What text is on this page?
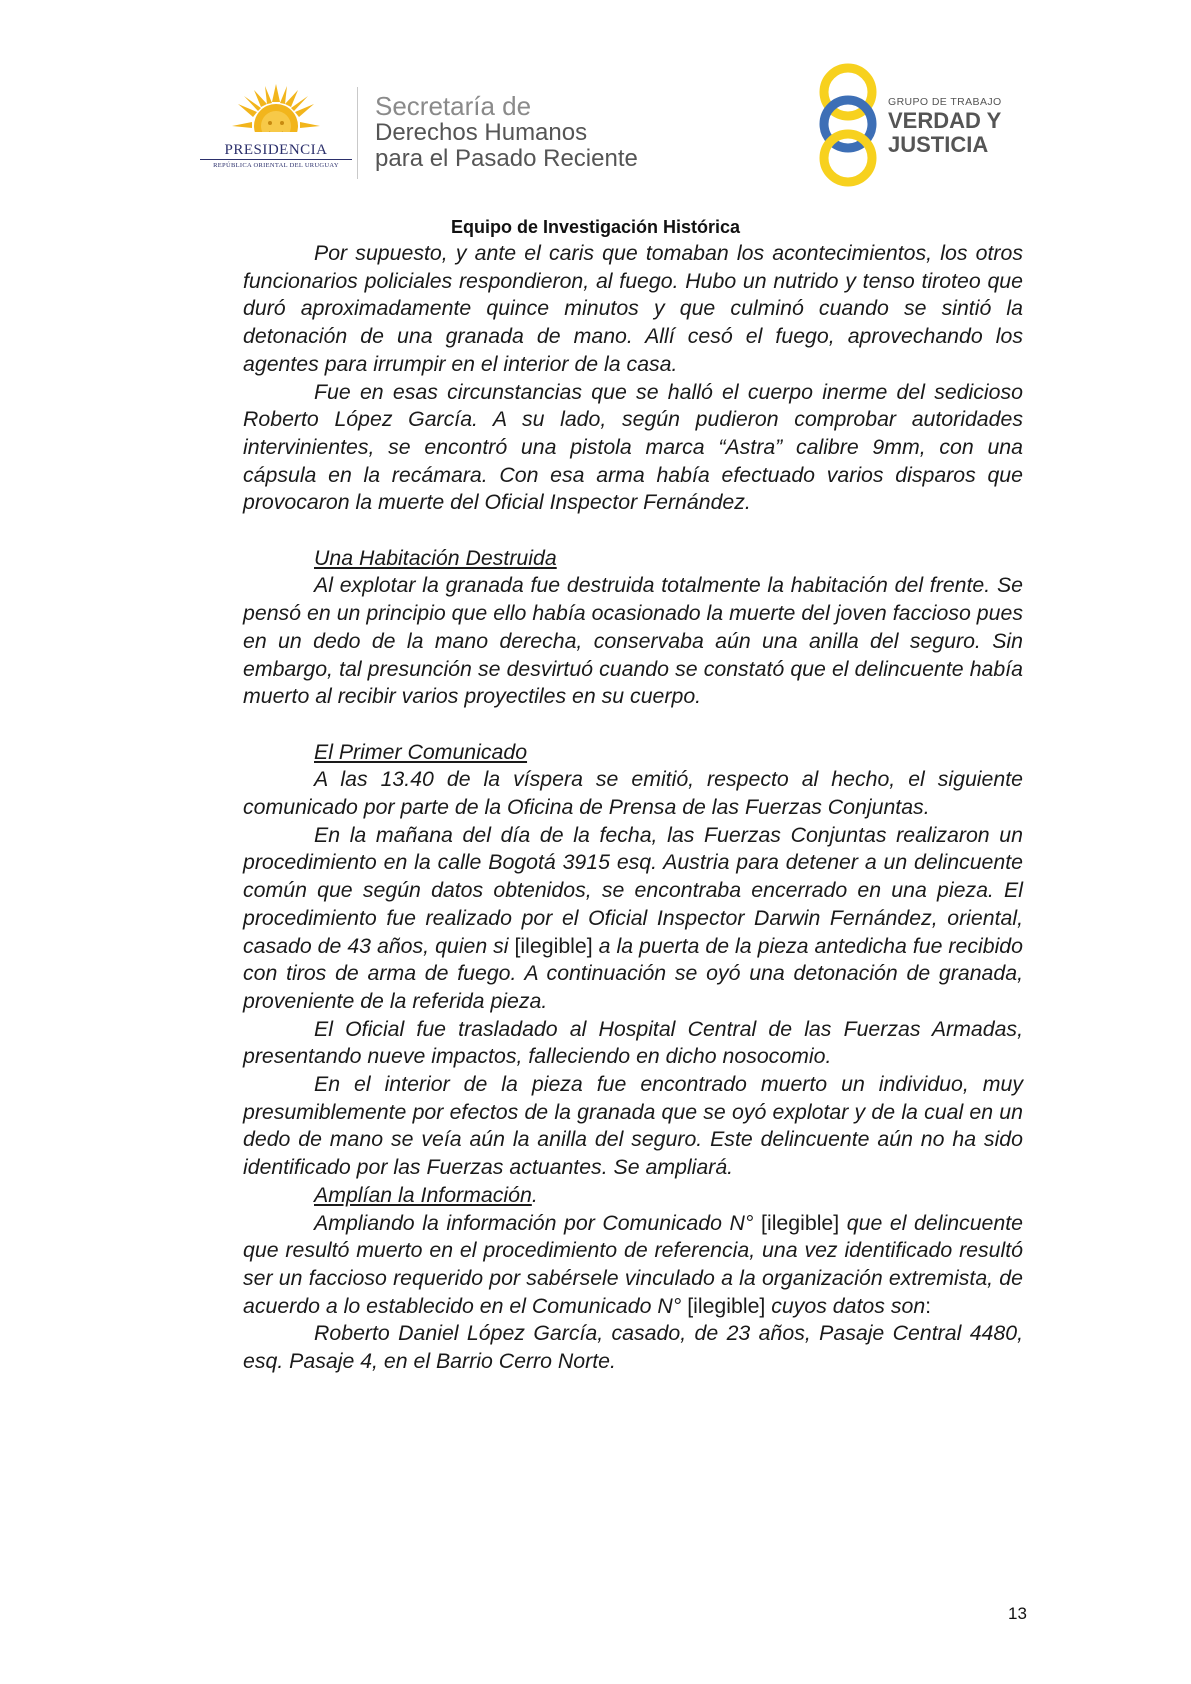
PRESIDENCIA
REPÚBLICA ORIENTAL DEL URUGUAY
Secretaría de
Derechos Humanos
para el Pasado Reciente
GRUPO DE TRABAJO
VERDAD Y
JUSTICIA
Equipo de Investigación Histórica

Por supuesto, y ante el caris que tomaban los acontecimientos, los otros funcionarios policiales respondieron, al fuego. Hubo un nutrido y tenso tiroteo que duró aproximadamente quince minutos y que culminó cuando se sintió la detonación de una granada de mano. Allí cesó el fuego, aprovechando los agentes para irrumpir en el interior de la casa.

Fue en esas circunstancias que se halló el cuerpo inerme del sedicioso Roberto López García. A su lado, según pudieron comprobar autoridades intervinientes, se encontró una pistola marca “Astra” calibre 9mm, con una cápsula en la recámara. Con esa arma había efectuado varios disparos que provocaron la muerte del Oficial Inspector Fernández.

Una Habitación Destruida

Al explotar la granada fue destruida totalmente la habitación del frente. Se pensó en un principio que ello había ocasionado la muerte del joven faccioso pues en un dedo de la mano derecha, conservaba aún una anilla del seguro. Sin embargo, tal presunción se desvirtuó cuando se constató que el delincuente había muerto al recibir varios proyectiles en su cuerpo.

El Primer Comunicado

A las 13.40 de la víspera se emitió, respecto al hecho, el siguiente comunicado por parte de la Oficina de Prensa de las Fuerzas Conjuntas.

En la mañana del día de la fecha, las Fuerzas Conjuntas realizaron un procedimiento en la calle Bogotá 3915 esq. Austria para detener a un delincuente común que según datos obtenidos, se encontraba encerrado en una pieza. El procedimiento fue realizado por el Oficial Inspector Darwin Fernández, oriental, casado de 43 años, quien si [ilegible] a la puerta de la pieza antedicha fue recibido con tiros de arma de fuego. A continuación se oyó una detonación de granada, proveniente de la referida pieza.

El Oficial fue trasladado al Hospital Central de las Fuerzas Armadas, presentando nueve impactos, falleciendo en dicho nosocomio.

En el interior de la pieza fue encontrado muerto un individuo, muy presumiblemente por efectos de la granada que se oyó explotar y de la cual en un dedo de mano se veía aún la anilla del seguro. Este delincuente aún no ha sido identificado por las Fuerzas actuantes. Se ampliará.

Amplían la Información.

Ampliando la información por Comunicado N° [ilegible] que el delincuente que resultó muerto en el procedimiento de referencia, una vez identificado resultó ser un faccioso requerido por sabérsele vinculado a la organización extremista, de acuerdo a lo establecido en el Comunicado N° [ilegible] cuyos datos son:

Roberto Daniel López García, casado, de 23 años, Pasaje Central 4480, esq. Pasaje 4, en el Barrio Cerro Norte.

13
